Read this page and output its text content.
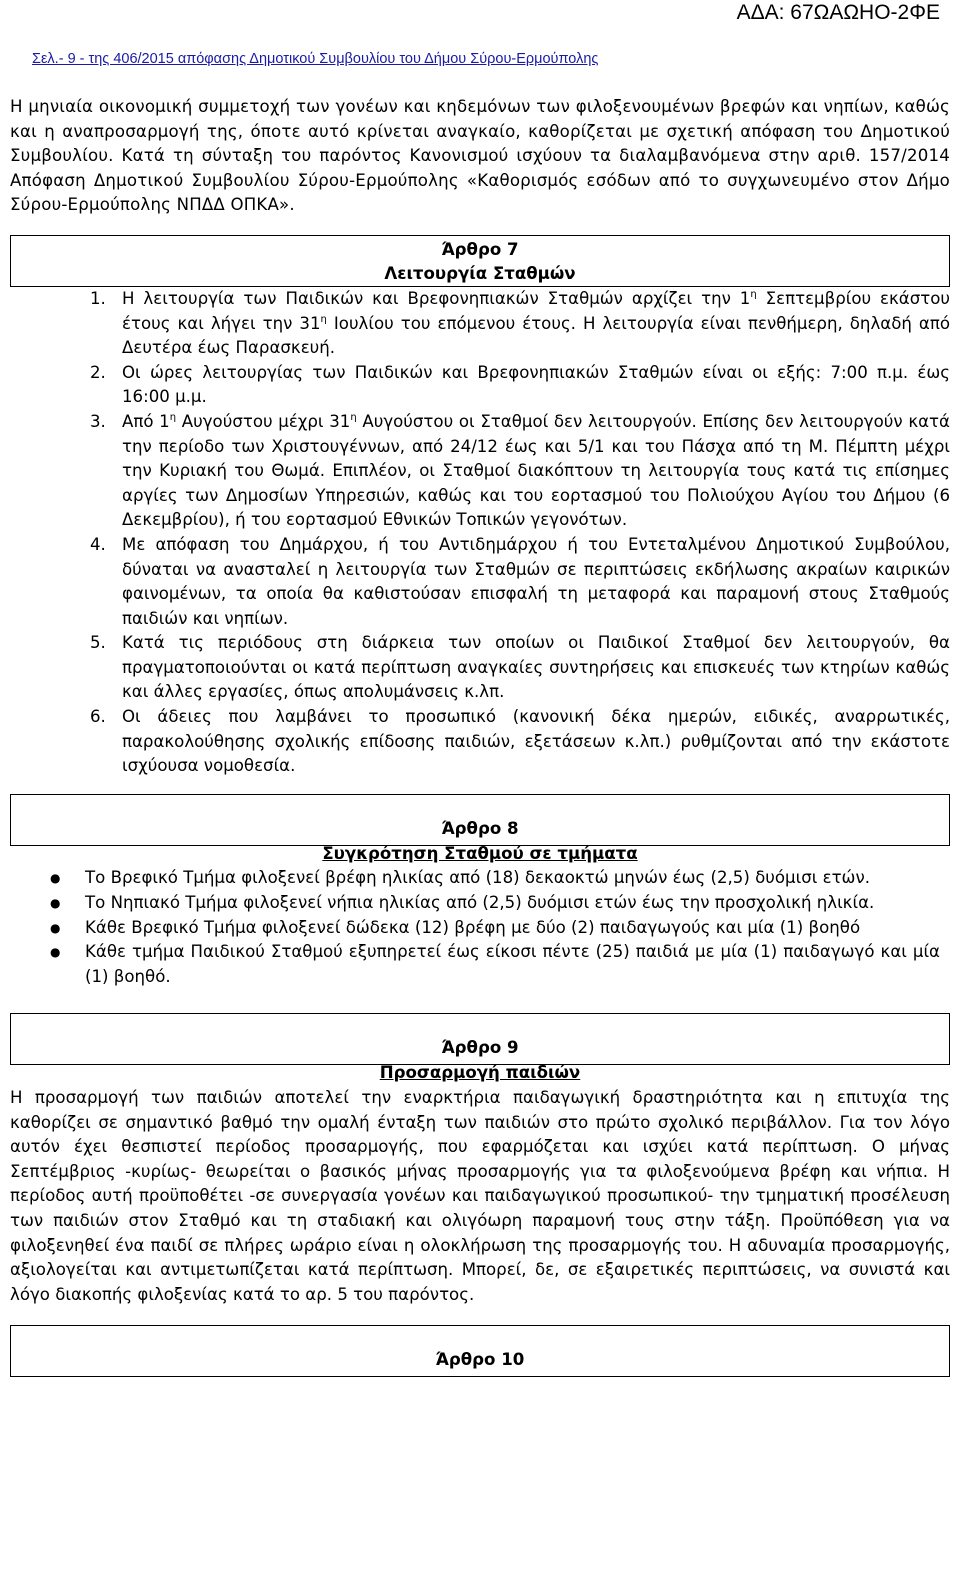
ΑΔΑ: 67ΩΑΩΗΟ-2ΦΕ
Σελ.- 9 - της 406/2015 απόφασης Δημοτικού Συμβουλίου του Δήμου Σύρου-Ερμούπολης

Η μηνιαία οικονομική συμμετοχή των γονέων και κηδεμόνων των φιλοξενουμένων βρεφών και νηπίων, καθώς και η αναπροσαρμογή της, όποτε αυτό κρίνεται αναγκαίο, καθορίζεται με σχετική απόφαση του Δημοτικού Συμβουλίου. Κατά τη σύνταξη του παρόντος Κανονισμού ισχύουν τα διαλαμβανόμενα στην αριθ. 157/2014 Απόφαση Δημοτικού Συμβουλίου Σύρου-Ερμούπολης «Καθορισμός εσόδων από το συγχωνευμένο στον Δήμο Σύρου-Ερμούπολης ΝΠΔΔ ΟΠΚΑ».

Άρθρο 7
Λειτουργία Σταθμών
1. Η λειτουργία των Παιδικών και Βρεφονηπιακών Σταθμών αρχίζει την $1^\eta$ Σεπτεμβρίου εκάστου έτους και λήγει την $31^\eta$ Ιουλίου του επόμενου έτους. Η λειτουργία είναι πενθήμερη, δηλαδή από Δευτέρα έως Παρασκευή.
2. Οι ώρες λειτουργίας των Παιδικών και Βρεφονηπιακών Σταθμών είναι οι εξής: 7:00 π.μ. έως 16:00 μ.μ.
3. Από $1^\eta$ Αυγούστου μέχρι $31^\eta$ Αυγούστου οι Σταθμοί δεν λειτουργούν. Επίσης δεν λειτουργούν κατά την περίοδο των Χριστουγέννων, από 24/12 έως και 5/1 και του Πάσχα από τη Μ. Πέμπτη μέχρι την Κυριακή του Θωμά. Επιπλέον, οι Σταθμοί διακόπτουν τη λειτουργία τους κατά τις επίσημες αργίες των Δημοσίων Υπηρεσιών, καθώς και του εορτασμού του Πολιούχου Αγίου του Δήμου (6 Δεκεμβρίου), ή του εορτασμού Εθνικών Τοπικών γεγονότων.
4. Με απόφαση του Δημάρχου, ή του Αντιδημάρχου ή του Εντεταλμένου Δημοτικού Συμβούλου, δύναται να ανασταλεί η λειτουργία των Σταθμών σε περιπτώσεις εκδήλωσης ακραίων καιρικών φαινομένων, τα οποία θα καθιστούσαν επισφαλή τη μεταφορά και παραμονή στους Σταθμούς παιδιών και νηπίων.
5. Κατά τις περιόδους στη διάρκεια των οποίων οι Παιδικοί Σταθμοί δεν λειτουργούν, θα πραγματοποιούνται οι κατά περίπτωση αναγκαίες συντηρήσεις και επισκευές των κτηρίων καθώς και άλλες εργασίες, όπως απολυμάνσεις κ.λπ.
6. Οι άδειες που λαμβάνει το προσωπικό (κανονική δέκα ημερών, ειδικές, αναρρωτικές, παρακολούθησης σχολικής επίδοσης παιδιών, εξετάσεων κ.λπ.) ρυθμίζονται από την εκάστοτε ισχύουσα νομοθεσία.
Άρθρο 8
Συγκρότηση Σταθμού σε τμήματα
● Το Βρεφικό Τμήμα φιλοξενεί βρέφη ηλικίας από (18) δεκαοκτώ μηνών έως (2,5) δυόμισι ετών.
● Το Νηπιακό Τμήμα φιλοξενεί νήπια ηλικίας από (2,5) δυόμισι ετών έως την προσχολική ηλικία.
● Κάθε Βρεφικό Τμήμα φιλοξενεί δώδεκα (12) βρέφη με δύο (2) παιδαγωγούς και μία (1) βοηθό
● Κάθε τμήμα Παιδικού Σταθμού εξυπηρετεί έως είκοσι πέντε (25) παιδιά με μία (1) παιδαγωγό και μία (1) βοηθό.
Άρθρο 9
Προσαρμογή παιδιών

Η προσαρμογή των παιδιών αποτελεί την εναρκτήρια παιδαγωγική δραστηριότητα και η επιτυχία της καθορίζει σε σημαντικό βαθμό την ομαλή ένταξη των παιδιών στο πρώτο σχολικό περιβάλλον. Για τον λόγο αυτόν έχει θεσπιστεί περίοδος προσαρμογής, που εφαρμόζεται και ισχύει κατά περίπτωση. Ο μήνας Σεπτέμβριος -κυρίως- θεωρείται ο βασικός μήνας προσαρμογής για τα φιλοξενούμενα βρέφη και νήπια. Η περίοδος αυτή προϋποθέτει -σε συνεργασία γονέων και παιδαγωγικού προσωπικού- την τμηματική προσέλευση των παιδιών στον Σταθμό και τη σταδιακή και ολιγόωρη παραμονή τους στην τάξη. Προϋπόθεση για να φιλοξενηθεί ένα παιδί σε πλήρες ωράριο είναι η ολοκλήρωση της προσαρμογής του. Η αδυναμία προσαρμογής, αξιολογείται και αντιμετωπίζεται κατά περίπτωση. Μπορεί, δε, σε εξαιρετικές περιπτώσεις, να συνιστά και λόγο διακοπής φιλοξενίας κατά το αρ. 5 του παρόντος.

Άρθρο 10
